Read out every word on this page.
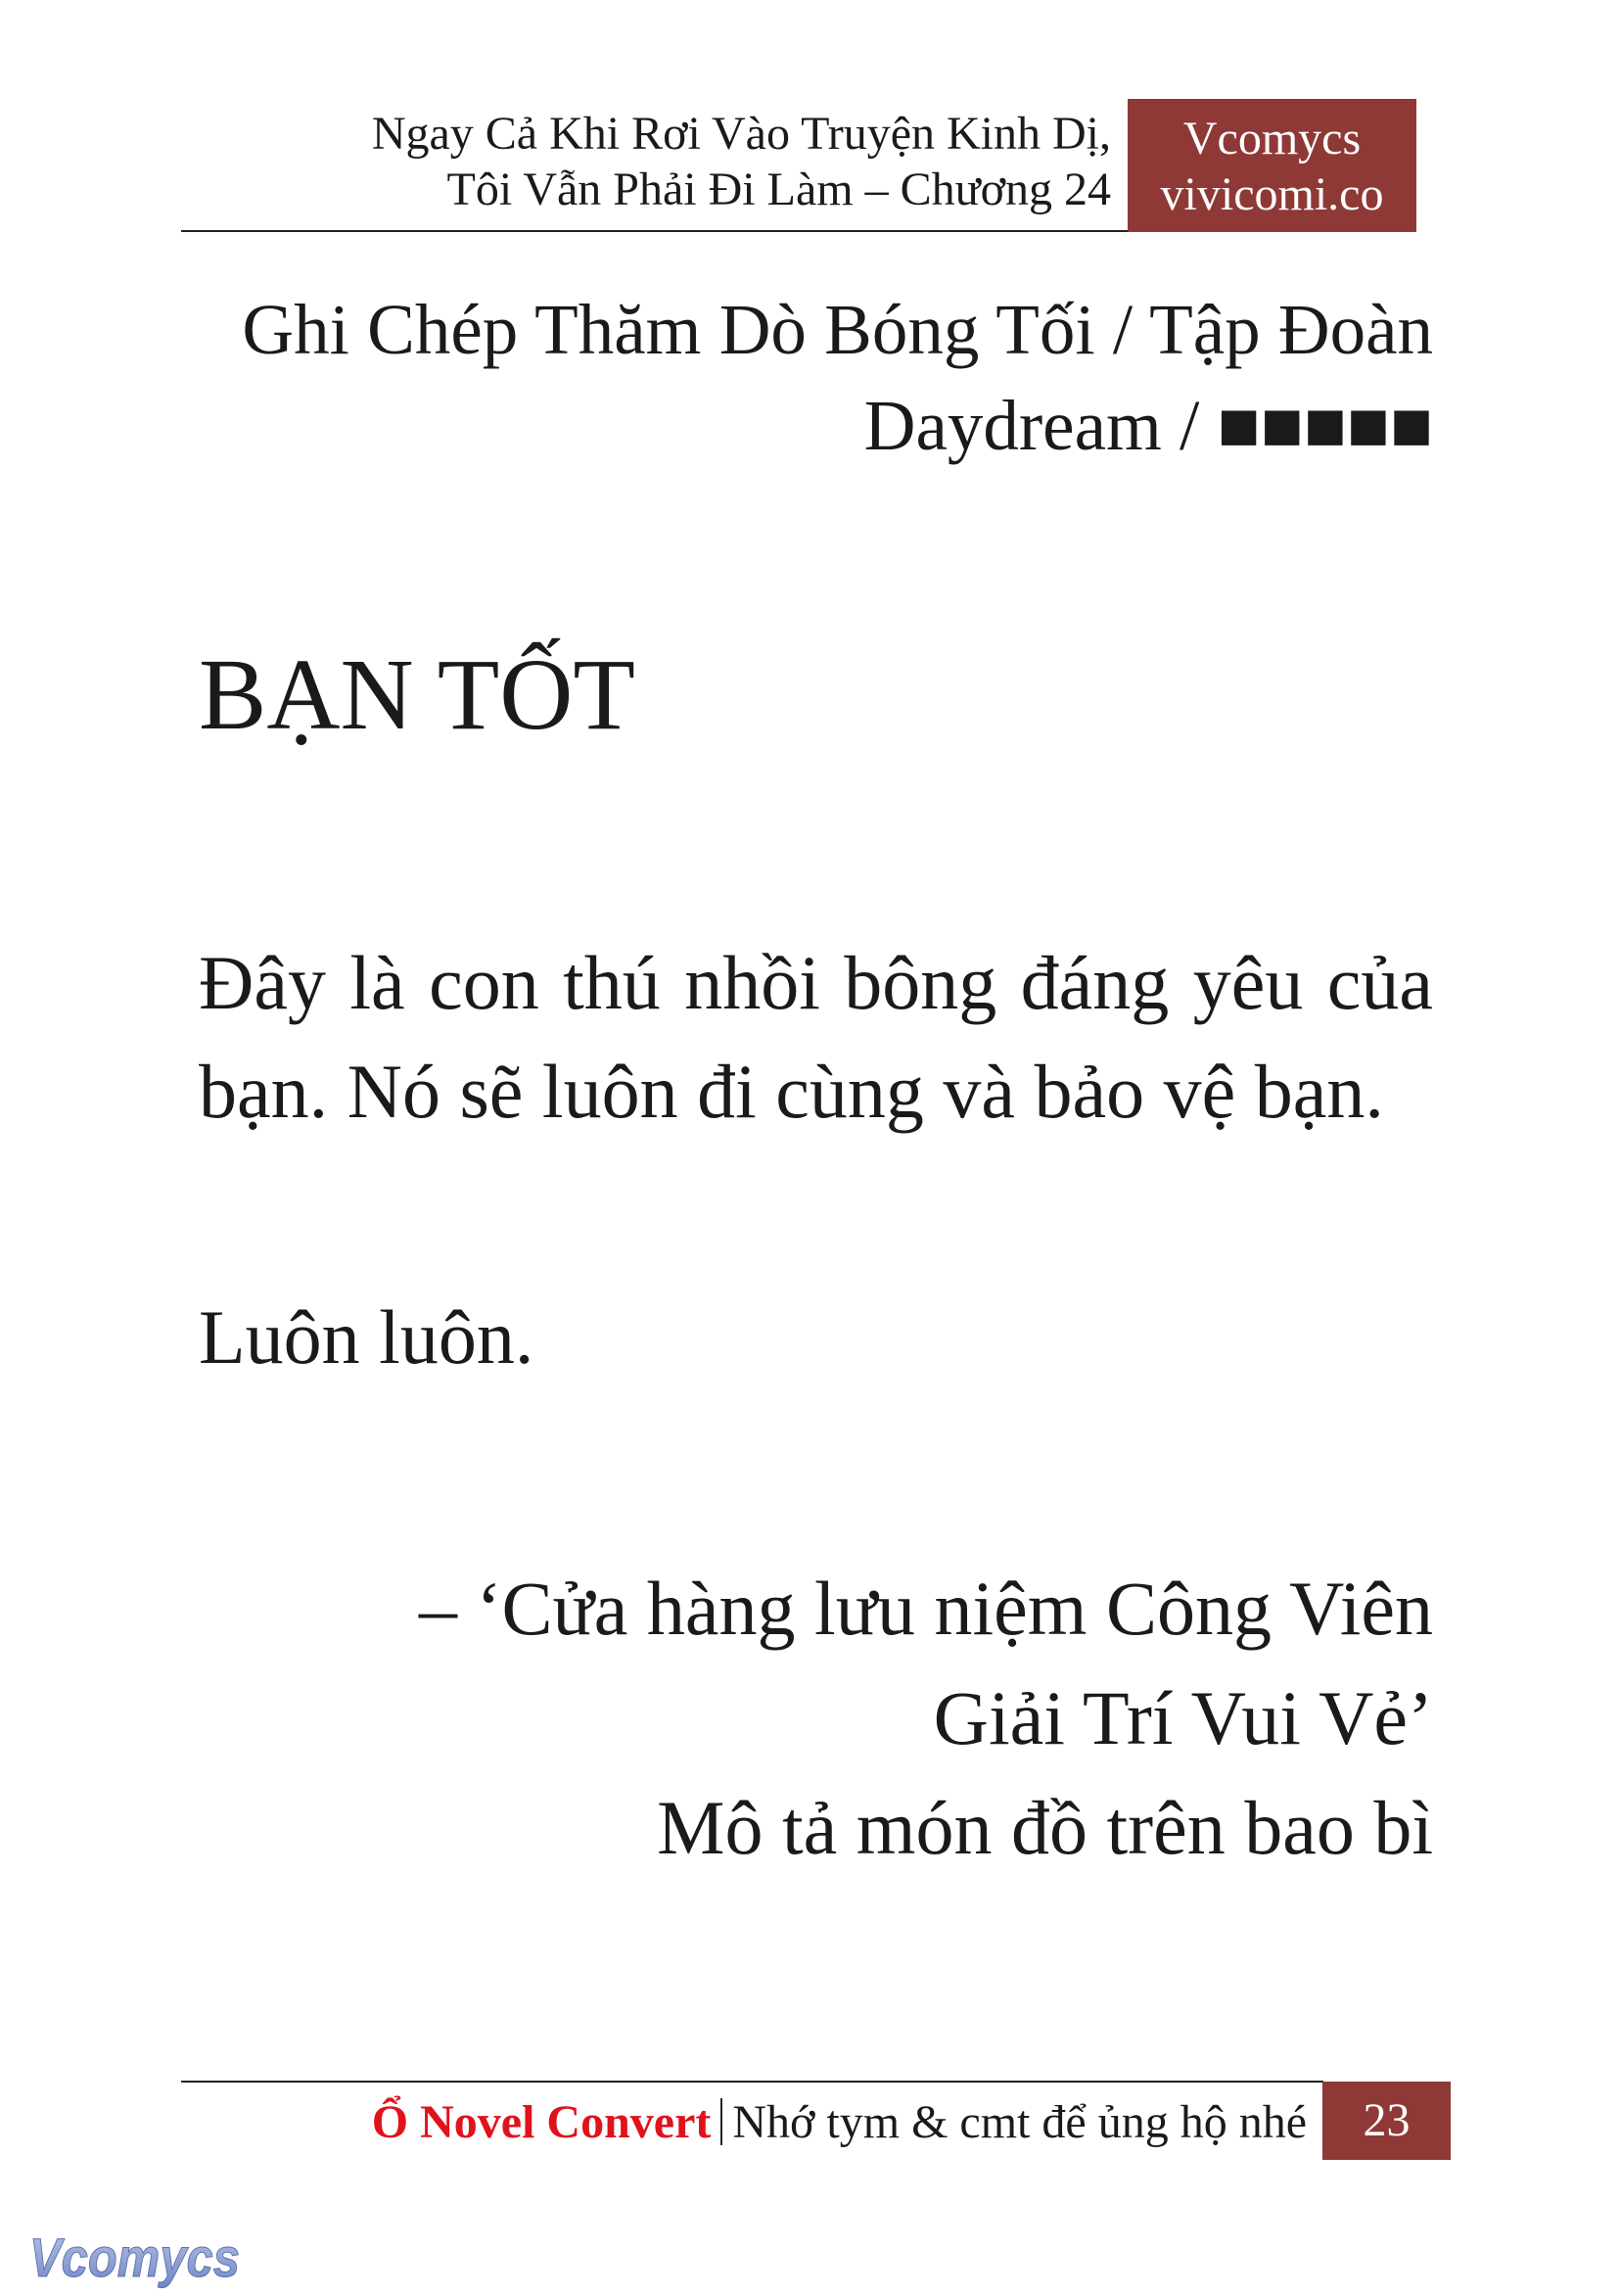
Ngay Cả Khi Rơi Vào Truyện Kinh Dị,
Tôi Vẫn Phải Đi Làm – Chương 24
Vcomycs
vivicomi.co
Ghi Chép Thăm Dò Bóng Tối / Tập Đoàn
Daydream / ■■■■■
BẠN TỐT
Đây là con thú nhồi bông đáng yêu của bạn. Nó sẽ luôn đi cùng và bảo vệ bạn.
Luôn luôn.
– ‘Cửa hàng lưu niệm Công Viên
Giải Trí Vui Vẻ’
Mô tả món đồ trên bao bì
Ổ Novel Convert Nhớ tym & cmt để ủng hộ nhé	23
Vcomycs
